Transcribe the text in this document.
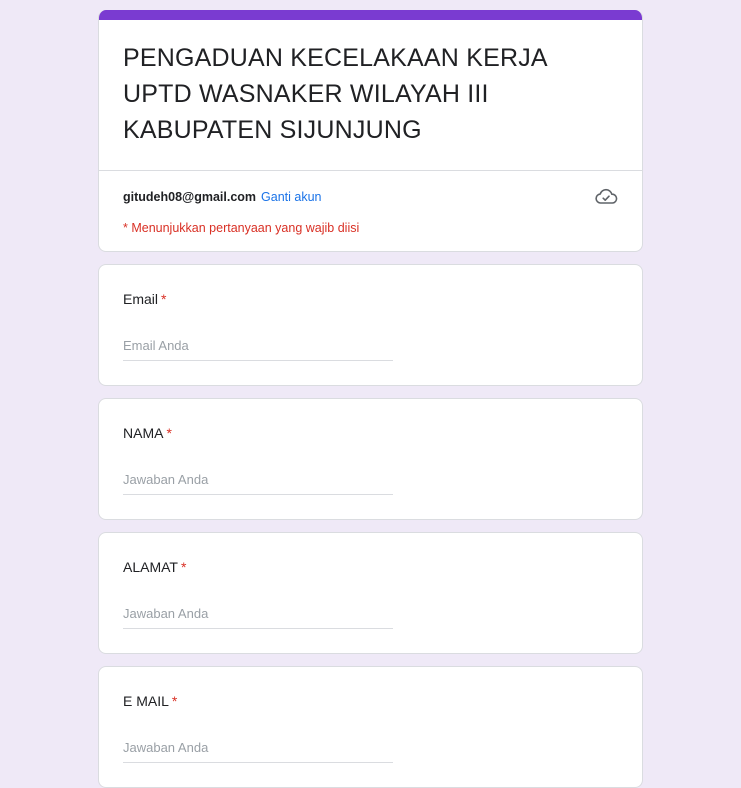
PENGADUAN KECELAKAAN KERJA UPTD WASNAKER WILAYAH III KABUPATEN SIJUNJUNG
gitudeh08@gmail.com Ganti akun
* Menunjukkan pertanyaan yang wajib diisi
Email *
Email Anda
NAMA *
Jawaban Anda
ALAMAT *
Jawaban Anda
E MAIL *
Jawaban Anda
